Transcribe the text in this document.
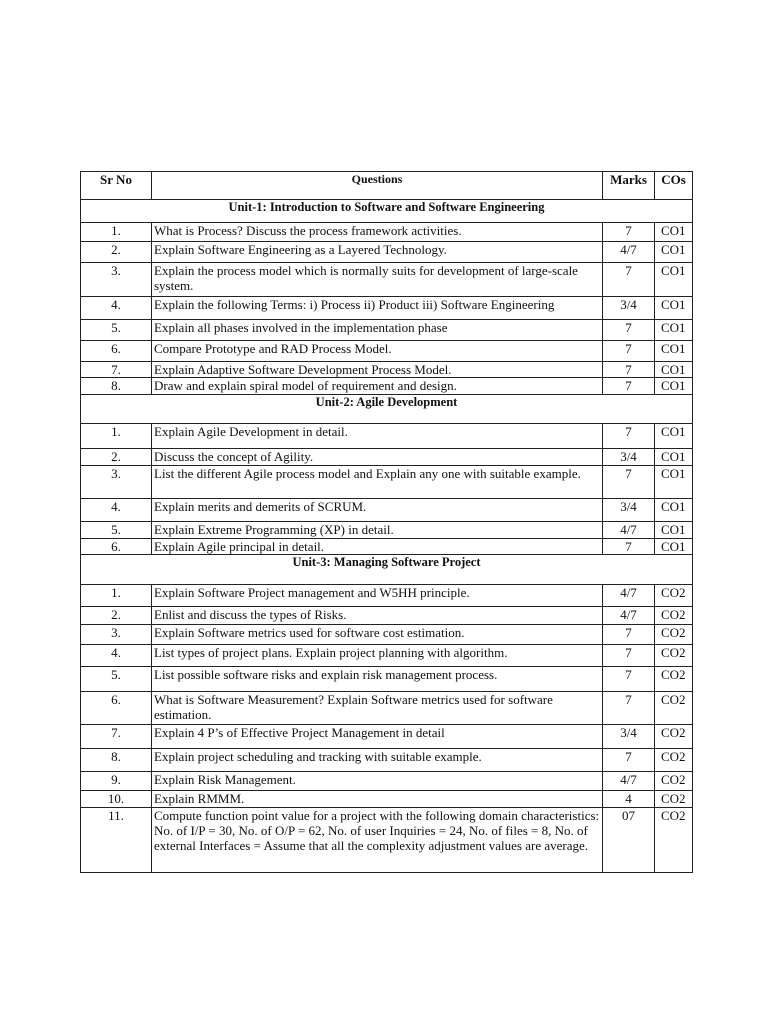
Sr No	Questions	Marks	COs
Unit-1: Introduction to Software and Software Engineering			
1.	What is Process? Discuss the process framework activities.	7	CO1
2.	Explain Software Engineering as a Layered Technology.	4/7	CO1
3.	Explain the process model which is normally suits for development of large-scale system.	7	CO1
4.	Explain the following Terms: i) Process ii) Product iii) Software Engineering	3/4	CO1
5.	Explain all phases involved in the implementation phase	7	CO1
6.	Compare Prototype and RAD Process Model.	7	CO1
7.	Explain Adaptive Software Development Process Model.	7	CO1
8.	Draw and explain spiral model of requirement and design.	7	CO1
Unit-2: Agile Development			
1.	Explain Agile Development in detail.	7	CO1
2.	Discuss the concept of Agility.	3/4	CO1
3.	List the different Agile process model and Explain any one with suitable example.	7	CO1
4.	Explain merits and demerits of SCRUM.	3/4	CO1
5.	Explain Extreme Programming (XP) in detail.	4/7	CO1
6.	Explain Agile principal in detail.	7	CO1
Unit-3: Managing Software Project			
1.	Explain Software Project management and W5HH principle.	4/7	CO2
2.	Enlist and discuss the types of Risks.	4/7	CO2
3.	Explain Software metrics used for software cost estimation.	7	CO2
4.	List types of project plans. Explain project planning with algorithm.	7	CO2
5.	List possible software risks and explain risk management process.	7	CO2
6.	What is Software Measurement? Explain Software metrics used for software estimation.	7	CO2
7.	Explain 4 P’s of Effective Project Management in detail	3/4	CO2
8.	Explain project scheduling and tracking with suitable example.	7	CO2
9.	Explain Risk Management.	4/7	CO2
10.	Explain RMMM.	4	CO2
11.	Compute function point value for a project with the following domain characteristics: No. of I/P = 30, No. of O/P = 62, No. of user Inquiries = 24, No. of files = 8, No. of external Interfaces = Assume that all the complexity adjustment values are average.	07	CO2
